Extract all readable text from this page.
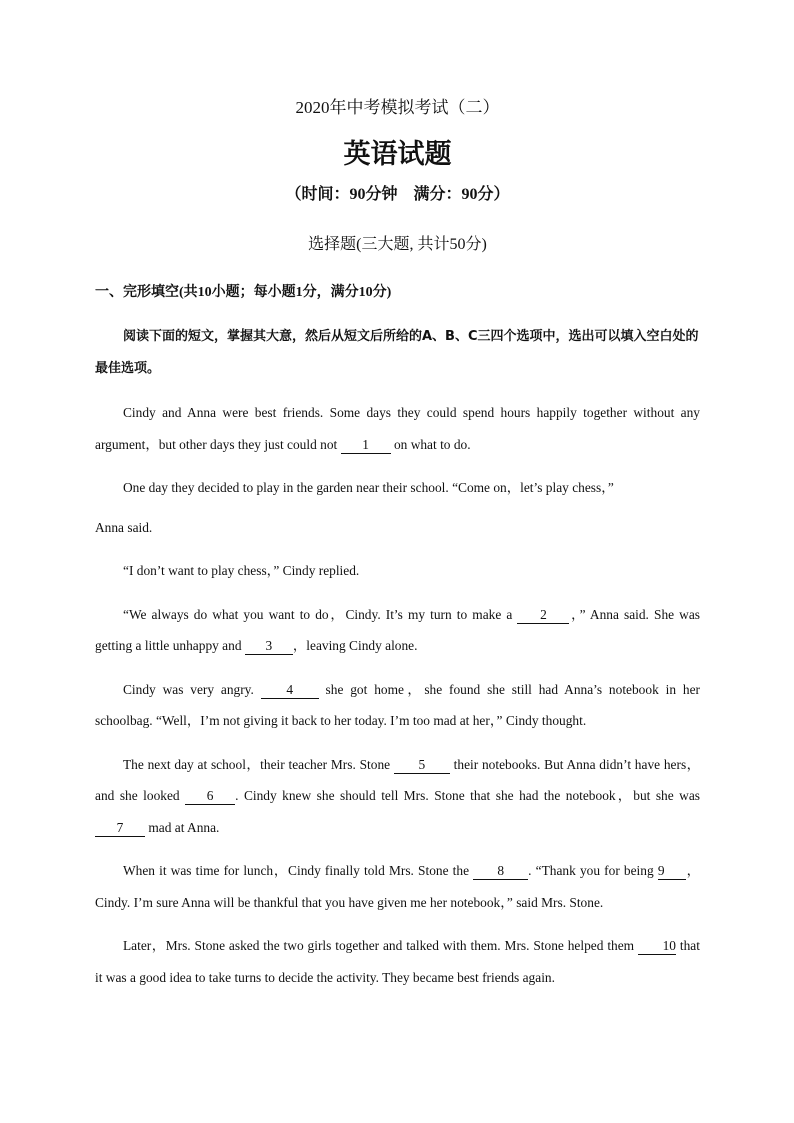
2020年中考模拟考试（二）
英语试题
（时间：90分钟　满分：90分）
选择题(三大题, 共计50分)
一、完形填空(共10小题；每小题1分，满分10分)
阅读下面的短文，掌握其大意，然后从短文后所给的A、B、C三四个选项中，选出可以填入空白处的最佳选项。
Cindy and Anna were best friends. Some days they could spend hours happily together without any argument，but other days they just could not 1 on what to do.
One day they decided to play in the garden near their school. “Come on，let’s play chess，”
Anna said.
“I don’t want to play chess，” Cindy replied.
“We always do what you want to do，Cindy. It’s my turn to make a 2 ，” Anna said. She was getting a little unhappy and 3 ，leaving Cindy alone.
Cindy was very angry. 4 she got home，she found she still had Anna’s notebook in her schoolbag. “Well，I’m not giving it back to her today. I’m too mad at her，” Cindy thought.
The next day at school，their teacher Mrs. Stone 5 their notebooks. But Anna didn’t have hers，and she looked 6 . Cindy knew she should tell Mrs. Stone that she had the notebook，but she was 7 mad at Anna.
When it was time for lunch，Cindy finally told Mrs. Stone the 8 . “Thank you for being 9 ，Cindy. I’m sure Anna will be thankful that you have given me her notebook，” said Mrs. Stone.
Later，Mrs. Stone asked the two girls together and talked with them. Mrs. Stone helped them 10 that it was a good idea to take turns to decide the activity. They became best friends again.
